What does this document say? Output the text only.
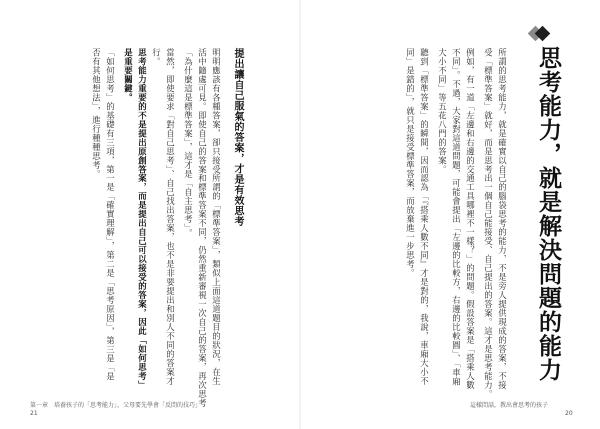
思考能力，就是解決問題的能力
所謂的思考能力，就是確實以自己的腦袋思考的能力，不是旁人提供現成的答案，不接
受「標準答案」就好，而是思考出一個自己能接受、自己提出的答案。這才是思考能力。
例如，有一道「左邊和右邊的交通工具哪裡不一樣？」的問題。假設答案是「搭乘人數
不同」。不過，大家對這道問題，可能會提出「左邊的比較方，右邊的比較圓」、「車廂
大小不同」等五花八門的答案。
聽到「標準答案」的瞬間，因而認為「『搭乘人數不同』才是對的，我說，車廂大小不
同」是錯的」，就只是接受標準答案，而放棄進一步思考。
這樣問話，教出會思考的孩子
20
提出讓自己服氣的答案，才是有效思考
明明應該有各種答案，卻只接受所謂的「標準答案」，類似上面這道題目的狀況，在生
活中隨處可見。即使自己的答案和標準答案不同，仍然重新審視一次自己的答案，再次思考
「為什麼這是標準答案」，這才是「自主思考」。
當然，即使要求「對自己思考」、自己找出答案，也不是非要提出和別人不同的答案才
行。
思考能力重要的不是提出原創答案，而是提出自己可以接受的答案，因此「如何思考」
是重要關鍵。
「如何思考」的基礎有三項，第一是「確實理解」，第二是「思考原因」，第三是「是
否有其他想法」，進行種種思考。
第一章　培養孩子的「思考能力」，父母要先學會「反問的技巧」
21
